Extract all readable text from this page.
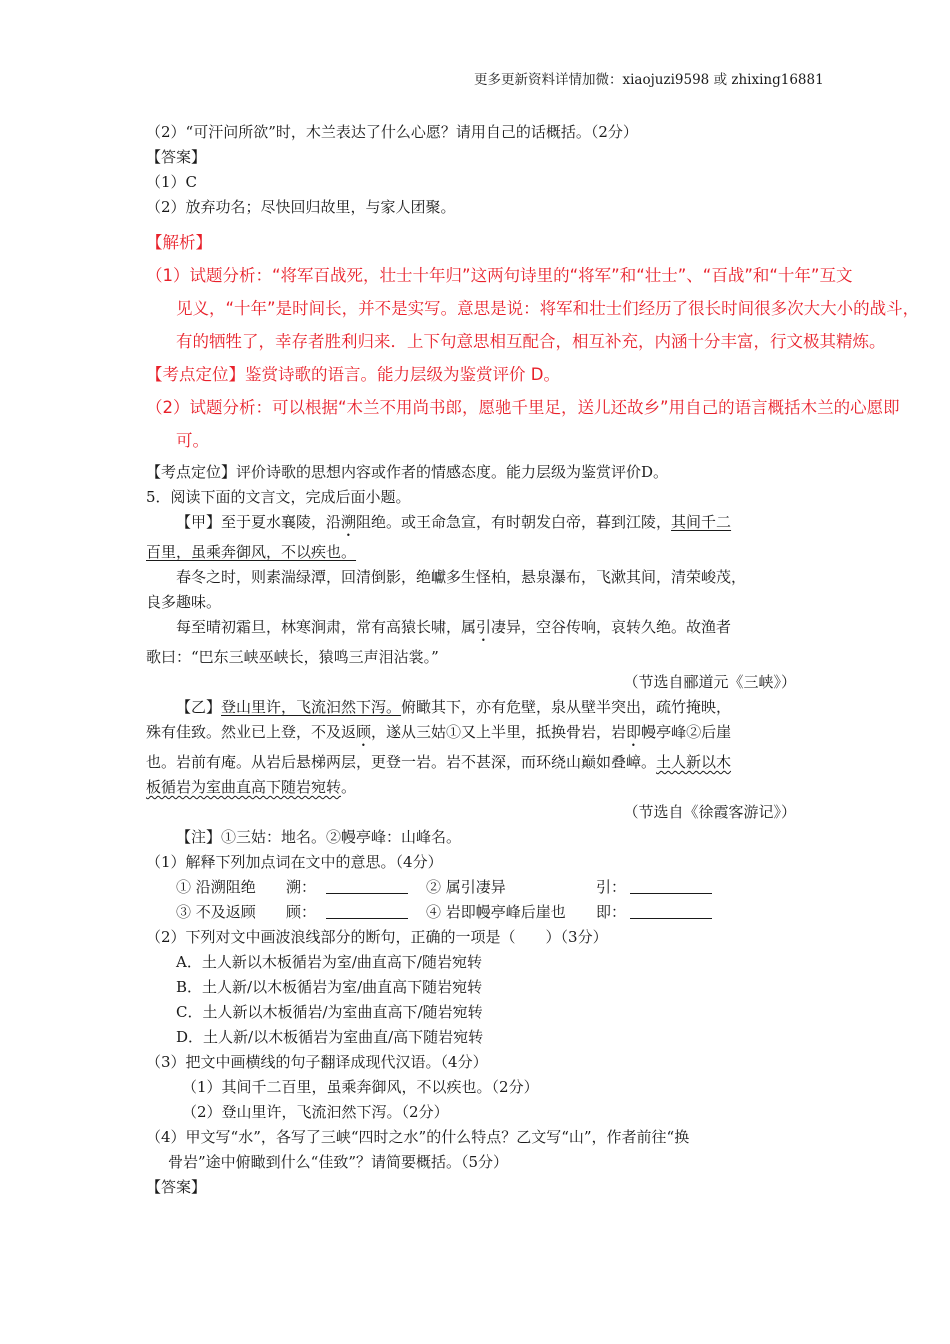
更多更新资料详情加微：xiaojuzi9598 或 zhixing16881
（2）“可汗问所欲”时，木兰表达了什么心愿？请用自己的话概括。（2分）
【答案】
（1）C
（2）放弃功名；尽快回归故里，与家人团聚。
【解析】
（1）试题分析：“将军百战死，壮士十年归”这两句诗里的“将军”和“壮士”、“百战”和“十年”互文
见义，“十年”是时间长，并不是实写。意思是说：将军和壮士们经历了很长时间很多次大大小的战斗，
有的牺牲了，幸存者胜利归来．上下句意思相互配合，相互补充，内涵十分丰富，行文极其精炼。
【考点定位】鉴赏诗歌的语言。能力层级为鉴赏评价 D。
（2）试题分析：可以根据“木兰不用尚书郎，愿驰千里足，送儿还故乡”用自己的语言概括木兰的心愿即
可。
【考点定位】评价诗歌的思想内容或作者的情感态度。能力层级为鉴赏评价D。
5．阅读下面的文言文，完成后面小题。
【甲】至于夏水襄陵，沿溯阻绝。或王命急宣，有时朝发白帝，暮到江陵，其间千二
百里，虽乘奔御风，不以疾也。
春冬之时，则素湍绿潭，回清倒影，绝巘多生怪柏，悬泉瀑布，飞漱其间，清荣峻茂，
良多趣味。
每至晴初霜旦，林寒涧肃，常有高猿长啸，属引凄异，空谷传响，哀转久绝。故渔者
歌曰：“巴东三峡巫峡长，猿鸣三声泪沾裳。”
（节选自郦道元《三峡》）
【乙】登山里许，飞流汩然下泻。俯瞰其下，亦有危壁，泉从壁半突出，疏竹掩映，
殊有佳致。然业已上登，不及返顾，遂从三姑①又上半里，抵换骨岩，岩即幔亭峰②后崖
也。岩前有庵。从岩后悬梯两层，更登一岩。岩不甚深，而环绕山巅如叠嶂。土人新以木
板循岩为室曲直高下随岩宛转。
（节选自《徐霞客游记》）
【注】①三姑：地名。②幔亭峰：山峰名。
（1）解释下列加点词在文中的意思。（4分）
① 沿溯阻绝 溯：	② 属引凄异	引：
③ 不及返顾 顾：	④ 岩即幔亭峰后崖也 即：
（2）下列对文中画波浪线部分的断句，正确的一项是（　　）（3分）
A．土人新以木板循岩为室/曲直高下/随岩宛转
B．土人新/以木板循岩为室/曲直高下随岩宛转
C．土人新以木板循岩/为室曲直高下/随岩宛转
D．土人新/以木板循岩为室曲直/高下随岩宛转
（3）把文中画横线的句子翻译成现代汉语。（4分）
（1）其间千二百里，虽乘奔御风，不以疾也。（2分）
（2）登山里许，飞流汩然下泻。（2分）
（4）甲文写“水”，各写了三峡“四时之水”的什么特点？乙文写“山”，作者前往“换
骨岩”途中俯瞰到什么“佳致”？请简要概括。（5分）
【答案】
